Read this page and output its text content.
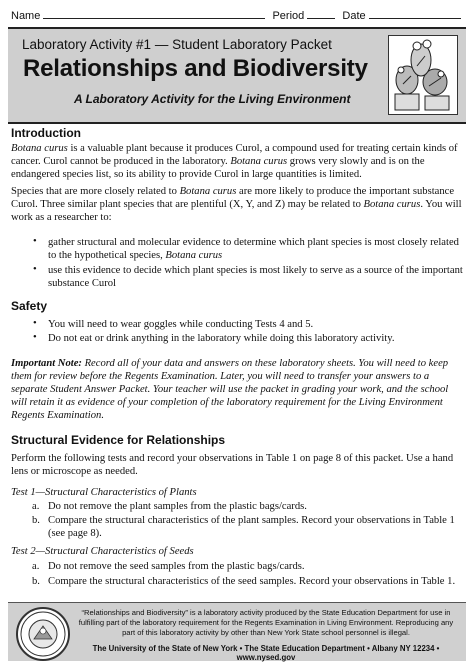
Name	Period	Date
Laboratory Activity #1 — Student Laboratory Packet
Relationships and Biodiversity
A Laboratory Activity for the Living Environment
Introduction

Botana curus is a valuable plant because it produces Curol, a compound used for treating certain kinds of cancer. Curol cannot be produced in the laboratory. Botana curus grows very slowly and is on the endangered species list, so its ability to provide Curol in large quantities is limited.

Species that are more closely related to Botana curus are more likely to produce the important substance Curol. Three similar plant species that are plentiful (X, Y, and Z) may be related to Botana curus. You will work as a researcher to:

• gather structural and molecular evidence to determine which plant species is most closely related to the hypothetical species, Botana curus
• use this evidence to decide which plant species is most likely to serve as a source of the important substance Curol
Safety
• You will need to wear goggles while conducting Tests 4 and 5.
• Do not eat or drink anything in the laboratory while doing this laboratory activity.

Important Note: Record all of your data and answers on these laboratory sheets. You will need to keep them for review before the Regents Examination. Later, you will need to transfer your answers to a separate Student Answer Packet. Your teacher will use the packet in grading your work, and the school will retain it as evidence of your completion of the laboratory requirement for the Living Environment Regents Examination.

Structural Evidence for Relationships

Perform the following tests and record your observations in Table 1 on page 8 of this packet. Use a hand lens or microscope as needed.

Test 1—Structural Characteristics of Plants
a. Do not remove the plant samples from the plastic bags/cards.
b. Compare the structural characteristics of the plant samples. Record your observations in Table 1 (see page 8).
Test 2—Structural Characteristics of Seeds
a. Do not remove the seed samples from the plastic bags/cards.
b. Compare the structural characteristics of the seed samples. Record your observations in Table 1.
“Relationships and Biodiversity” is a laboratory activity produced by the State Education Department for use in fulfilling part of the laboratory requirement for the Regents Examination in Living Environment. Reproducing any part of this laboratory activity by other than New York State school personnel is illegal.
The University of the State of New York • The State Education Department • Albany NY 12234 • www.nysed.gov
